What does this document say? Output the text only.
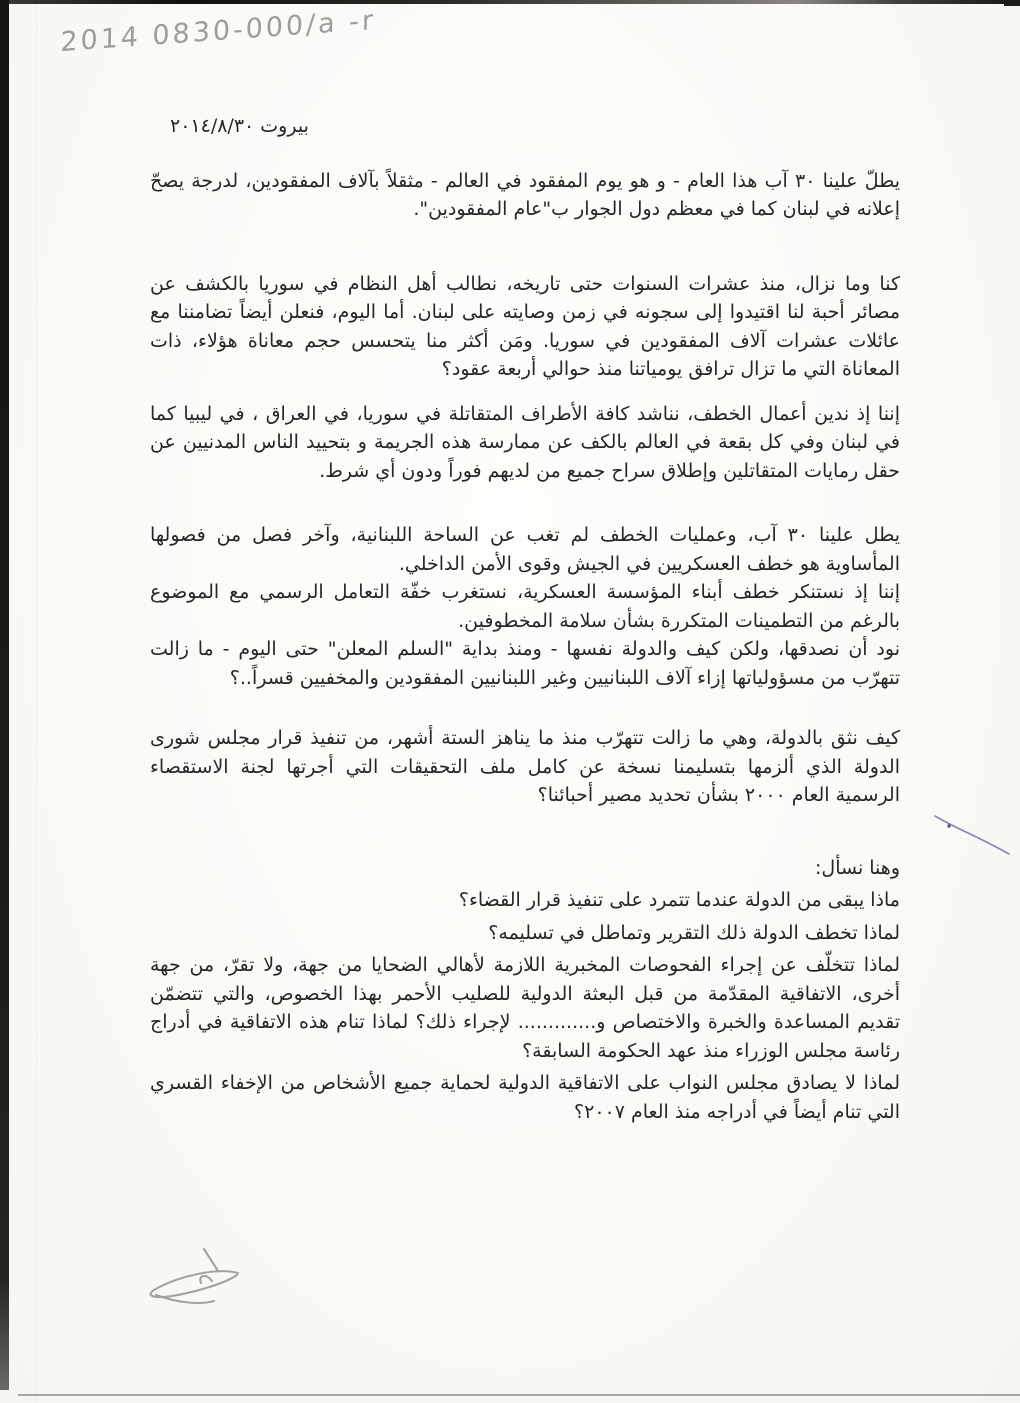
2014 0830-000/a -r
بيروت ٢٠١٤/٨/٣٠

يطلّ علينا ٣٠ آب هذا العام - و هو يوم المفقود في العالم - مثقلاً بآلاف المفقودين، لدرجة يصحّ إعلانه في لبنان كما في معظم دول الجوار ب"عام المفقودين".

كنا وما نزال، منذ عشرات السنوات حتى تاريخه، نطالب أهل النظام في سوريا بالكشف عن مصائر أحبة لنا اقتيدوا إلى سجونه في زمن وصايته على لبنان. أما اليوم، فنعلن أيضاً تضامننا مع عائلات عشرات آلاف المفقودين في سوريا. ومَن أكثر منا يتحسس حجم معاناة هؤلاء، ذات المعاناة التي ما تزال ترافق يومياتنا منذ حوالي أربعة عقود؟

إننا إذ ندين أعمال الخطف، نناشد كافة الأطراف المتقاتلة في سوريا، في العراق ، في ليبيا كما في لبنان وفي كل بقعة في العالم بالكف عن ممارسة هذه الجريمة و بتحييد الناس المدنيين عن حقل رمايات المتقاتلين وإطلاق سراح جميع من لديهم فوراً ودون أي شرط.

يطل علينا ٣٠ آب، وعمليات الخطف لم تغب عن الساحة اللبنانية، وآخر فصل من فصولها المأساوية هو خطف العسكريين في الجيش وقوى الأمن الداخلي.

إننا إذ نستنكر خطف أبناء المؤسسة العسكرية، نستغرب خفّة التعامل الرسمي مع الموضوع بالرغم من التطمينات المتكررة بشأن سلامة المخطوفين.

نود أن نصدقها، ولكن كيف والدولة نفسها - ومنذ بداية "السلم المعلن" حتى اليوم - ما زالت تتهرّب من مسؤولياتها إزاء آلاف اللبنانيين وغير اللبنانيين المفقودين والمخفيين قسراً..؟

كيف نثق بالدولة، وهي ما زالت تتهرّب منذ ما يناهز الستة أشهر، من تنفيذ قرار مجلس شورى الدولة الذي ألزمها بتسليمنا نسخة عن كامل ملف التحقيقات التي أجرتها لجنة الاستقصاء الرسمية العام ٢٠٠٠ بشأن تحديد مصير أحبائنا؟

وهنا نسأل:

ماذا يبقى من الدولة عندما تتمرد على تنفيذ قرار القضاء؟

لماذا تخطف الدولة ذلك التقرير وتماطل في تسليمه؟

لماذا تتخلّف عن إجراء الفحوصات المخبرية اللازمة لأهالي الضحايا من جهة، ولا تقرّ، من جهة أخرى، الاتفاقية المقدّمة من قبل البعثة الدولية للصليب الأحمر بهذا الخصوص، والتي تتضمّن تقديم المساعدة والخبرة والاختصاص و............. لإجراء ذلك؟ لماذا تنام هذه الاتفاقية في أدراج رئاسة مجلس الوزراء منذ عهد الحكومة السابقة؟

لماذا لا يصادق مجلس النواب على الاتفاقية الدولية لحماية جميع الأشخاص من الإخفاء القسري التي تنام أيضاً في أدراجه منذ العام ٢٠٠٧؟
